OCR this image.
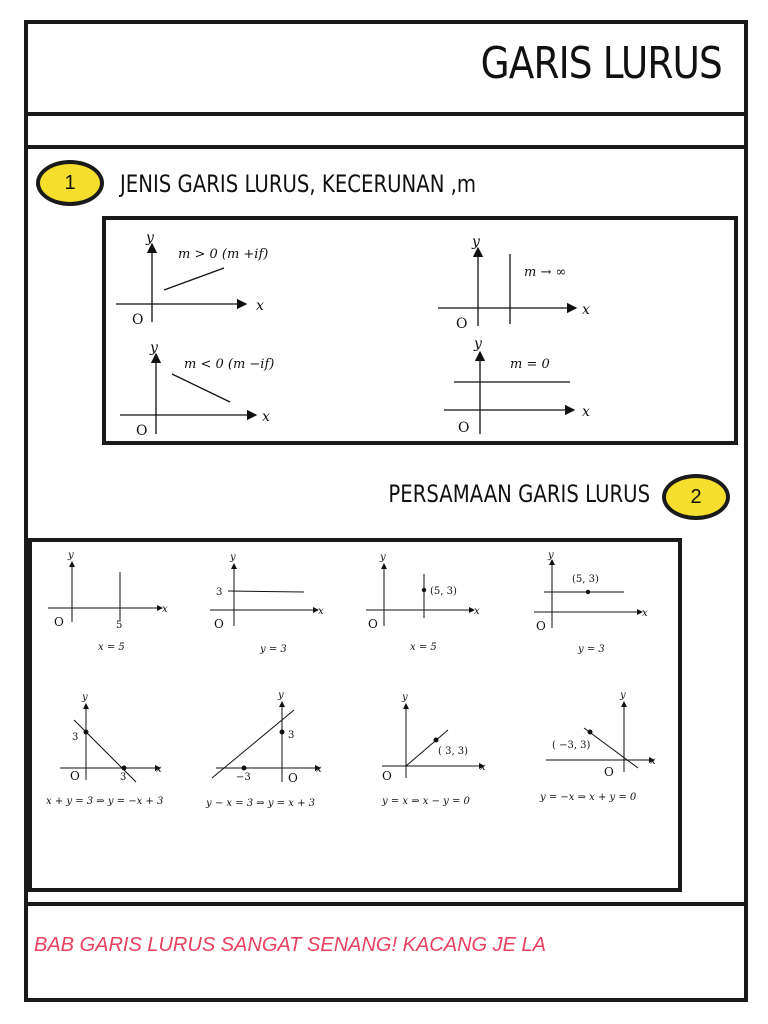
GARIS LURUS
1 JENIS GARIS LURUS, KECERUNAN ,m
y
x
O
m > 0 (m +if)
y
x
O
m → ∞
y
x
O
m < 0 (m −if)
y
x
O
m = 0
PERSAMAAN GARIS LURUS 2
y
x
O	5
x = 5
y
x
O
3
y = 3
y
x
O
(5, 3)
x = 5
y
x
O
(5, 3)
y = 3
y
x
O
3
3
x + y = 3 ⇒ y = −x + 3
y
x
O
3
−3
y − x = 3 ⇒ y = x + 3
y
x
O
( 3, 3)
y = x ⇒ x − y = 0
y
x
O
( −3, 3)
y = −x ⇒ x + y = 0

BAB GARIS LURUS SANGAT SENANG! KACANG JE LA
